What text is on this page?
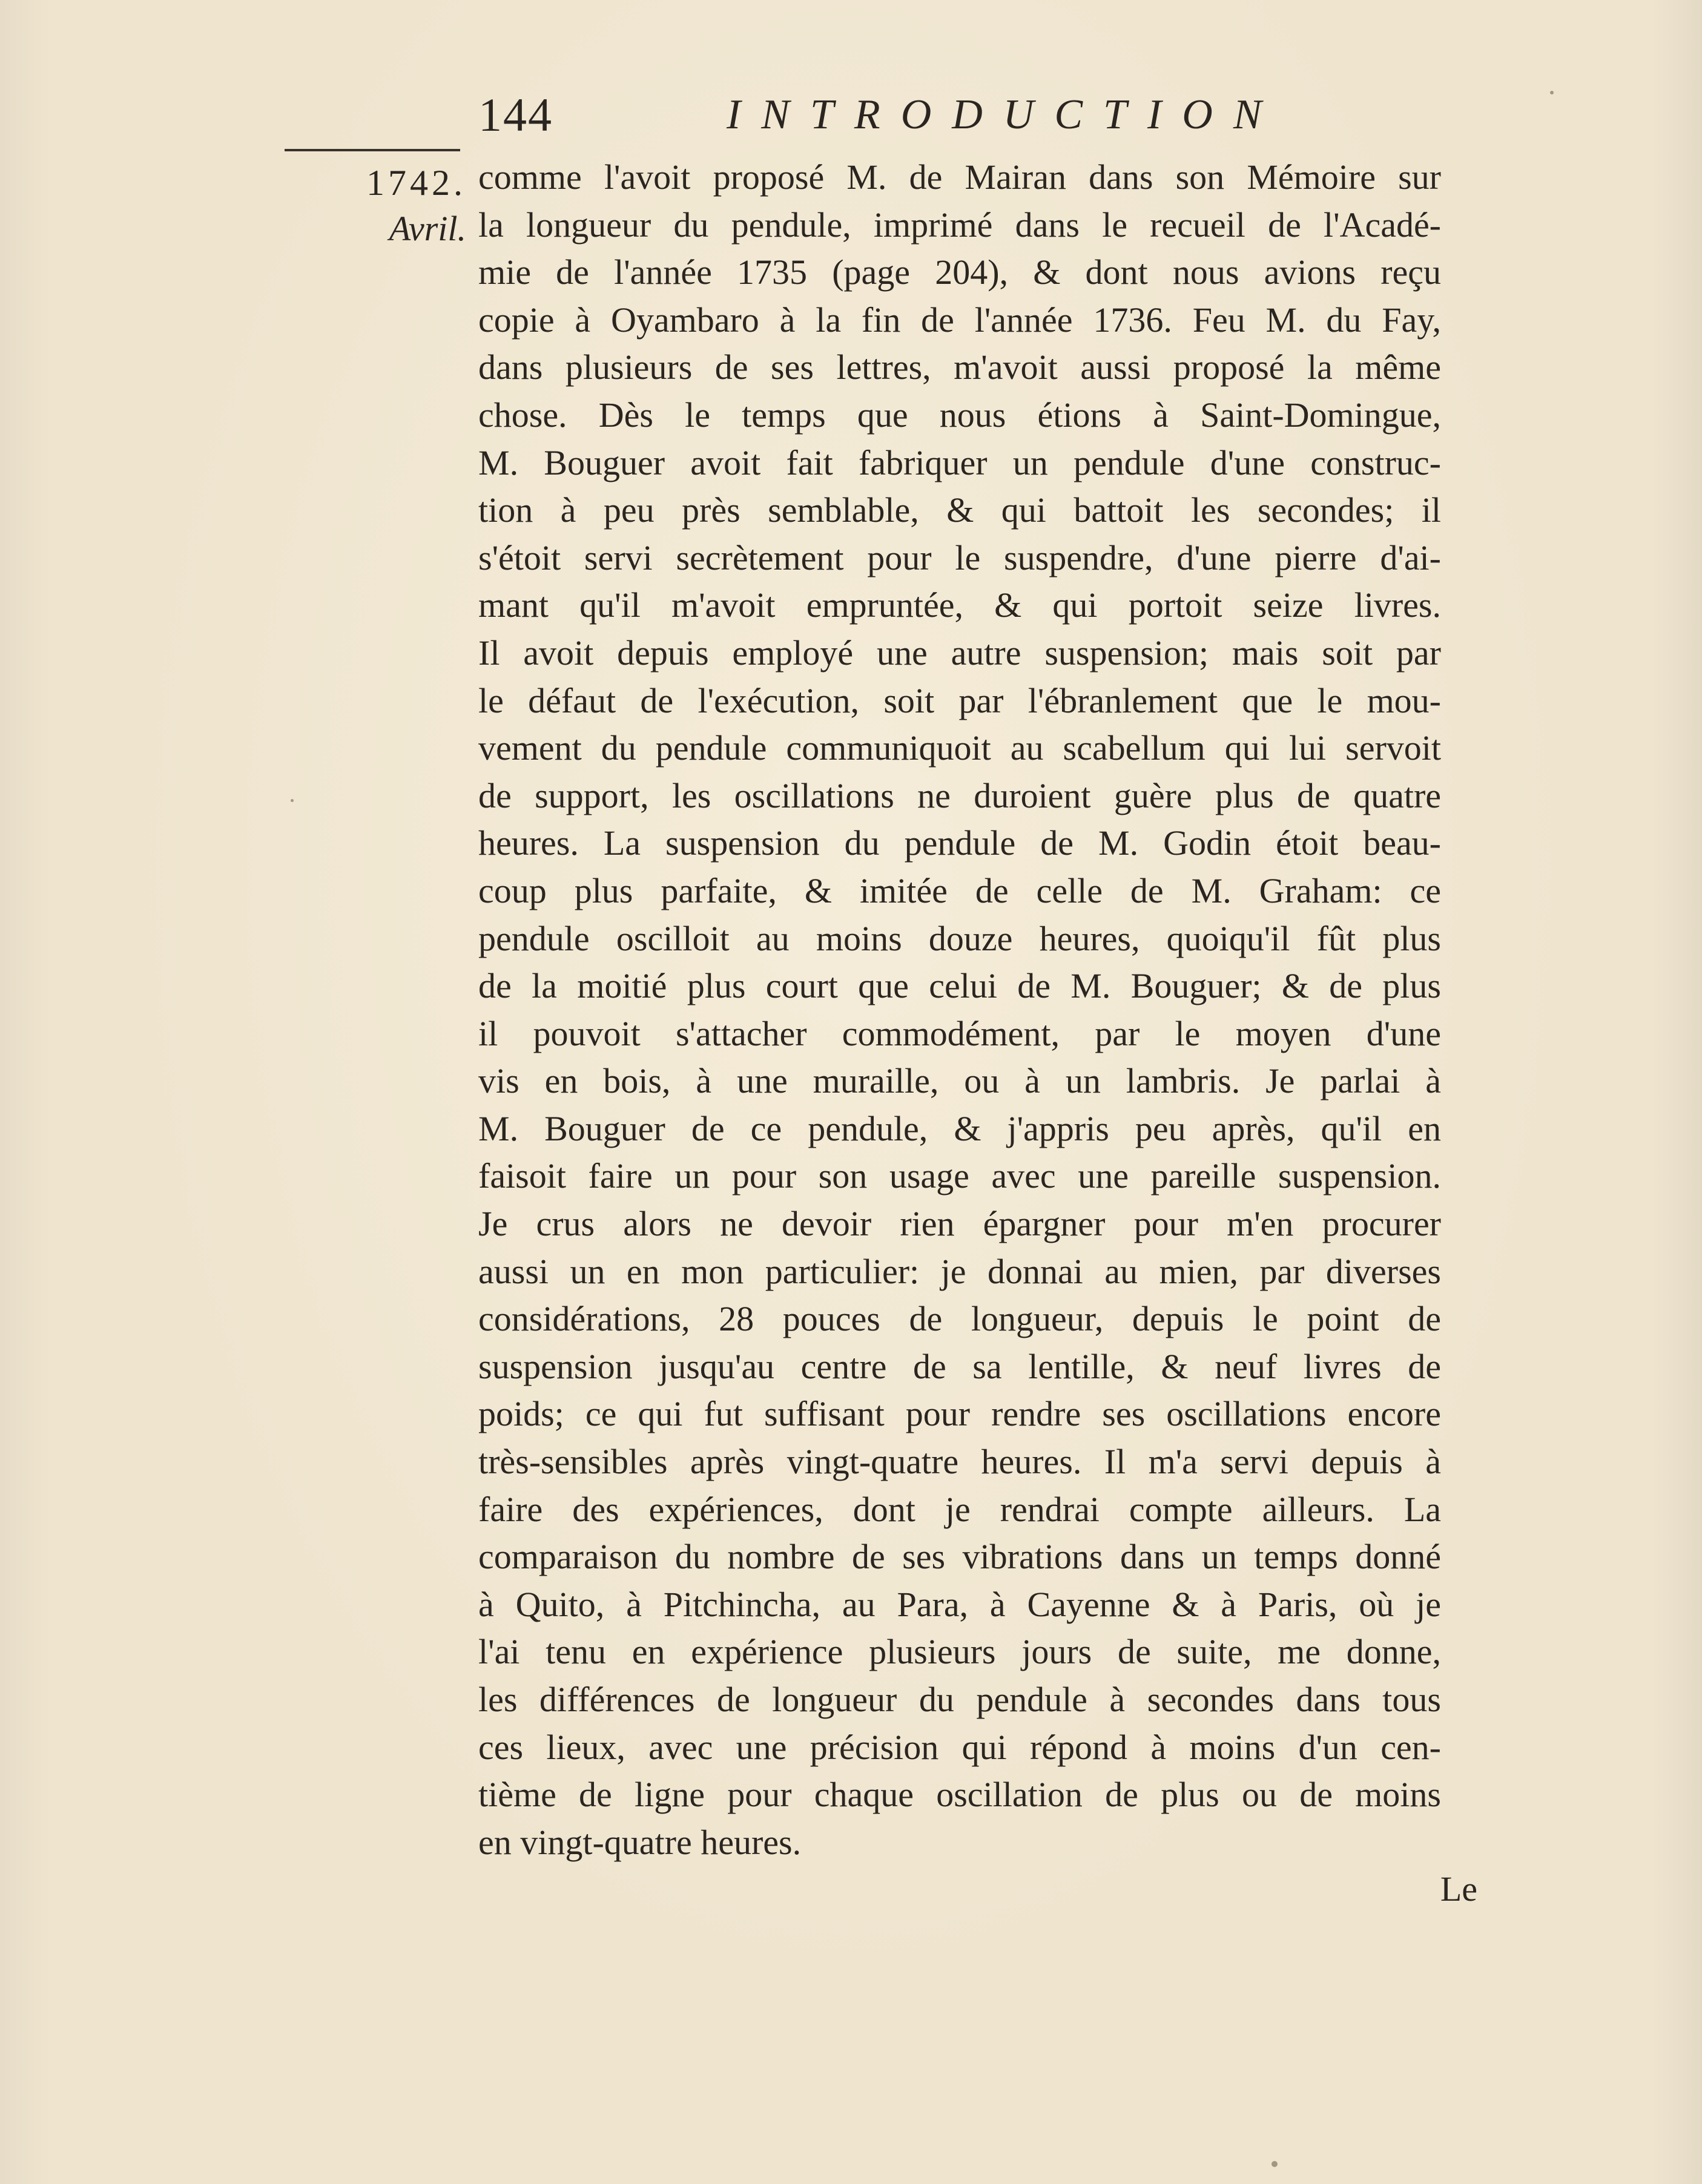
144	INTRODUCTION
1742.
Avril.
comme l'avoit proposé M. de Mairan dans son Mémoire sur
la longueur du pendule, imprimé dans le recueil de l'Acadé-
mie de l'année 1735 (page 204), & dont nous avions reçu
copie à Oyambaro à la fin de l'année 1736. Feu M. du Fay,
dans plusieurs de ses lettres, m'avoit aussi proposé la même
chose. Dès le temps que nous étions à Saint-Domingue,
M. Bouguer avoit fait fabriquer un pendule d'une construc-
tion à peu près semblable, & qui battoit les secondes; il
s'étoit servi secrètement pour le suspendre, d'une pierre d'ai-
mant qu'il m'avoit empruntée, & qui portoit seize livres.
Il avoit depuis employé une autre suspension; mais soit par
le défaut de l'exécution, soit par l'ébranlement que le mou-
vement du pendule communiquoit au scabellum qui lui servoit
de support, les oscillations ne duroient guère plus de quatre
heures. La suspension du pendule de M. Godin étoit beau-
coup plus parfaite, & imitée de celle de M. Graham: ce
pendule oscilloit au moins douze heures, quoiqu'il fût plus
de la moitié plus court que celui de M. Bouguer; & de plus
il pouvoit s'attacher commodément, par le moyen d'une
vis en bois, à une muraille, ou à un lambris. Je parlai à
M. Bouguer de ce pendule, & j'appris peu après, qu'il en
faisoit faire un pour son usage avec une pareille suspension.
Je crus alors ne devoir rien épargner pour m'en procurer
aussi un en mon particulier: je donnai au mien, par diverses
considérations, 28 pouces de longueur, depuis le point de
suspension jusqu'au centre de sa lentille, & neuf livres de
poids; ce qui fut suffisant pour rendre ses oscillations encore
très-sensibles après vingt-quatre heures. Il m'a servi depuis à
faire des expériences, dont je rendrai compte ailleurs. La
comparaison du nombre de ses vibrations dans un temps donné
à Quito, à Pitchincha, au Para, à Cayenne & à Paris, où je
l'ai tenu en expérience plusieurs jours de suite, me donne,
les différences de longueur du pendule à secondes dans tous
ces lieux, avec une précision qui répond à moins d'un cen-
tième de ligne pour chaque oscillation de plus ou de moins
en vingt-quatre heures.
Le
